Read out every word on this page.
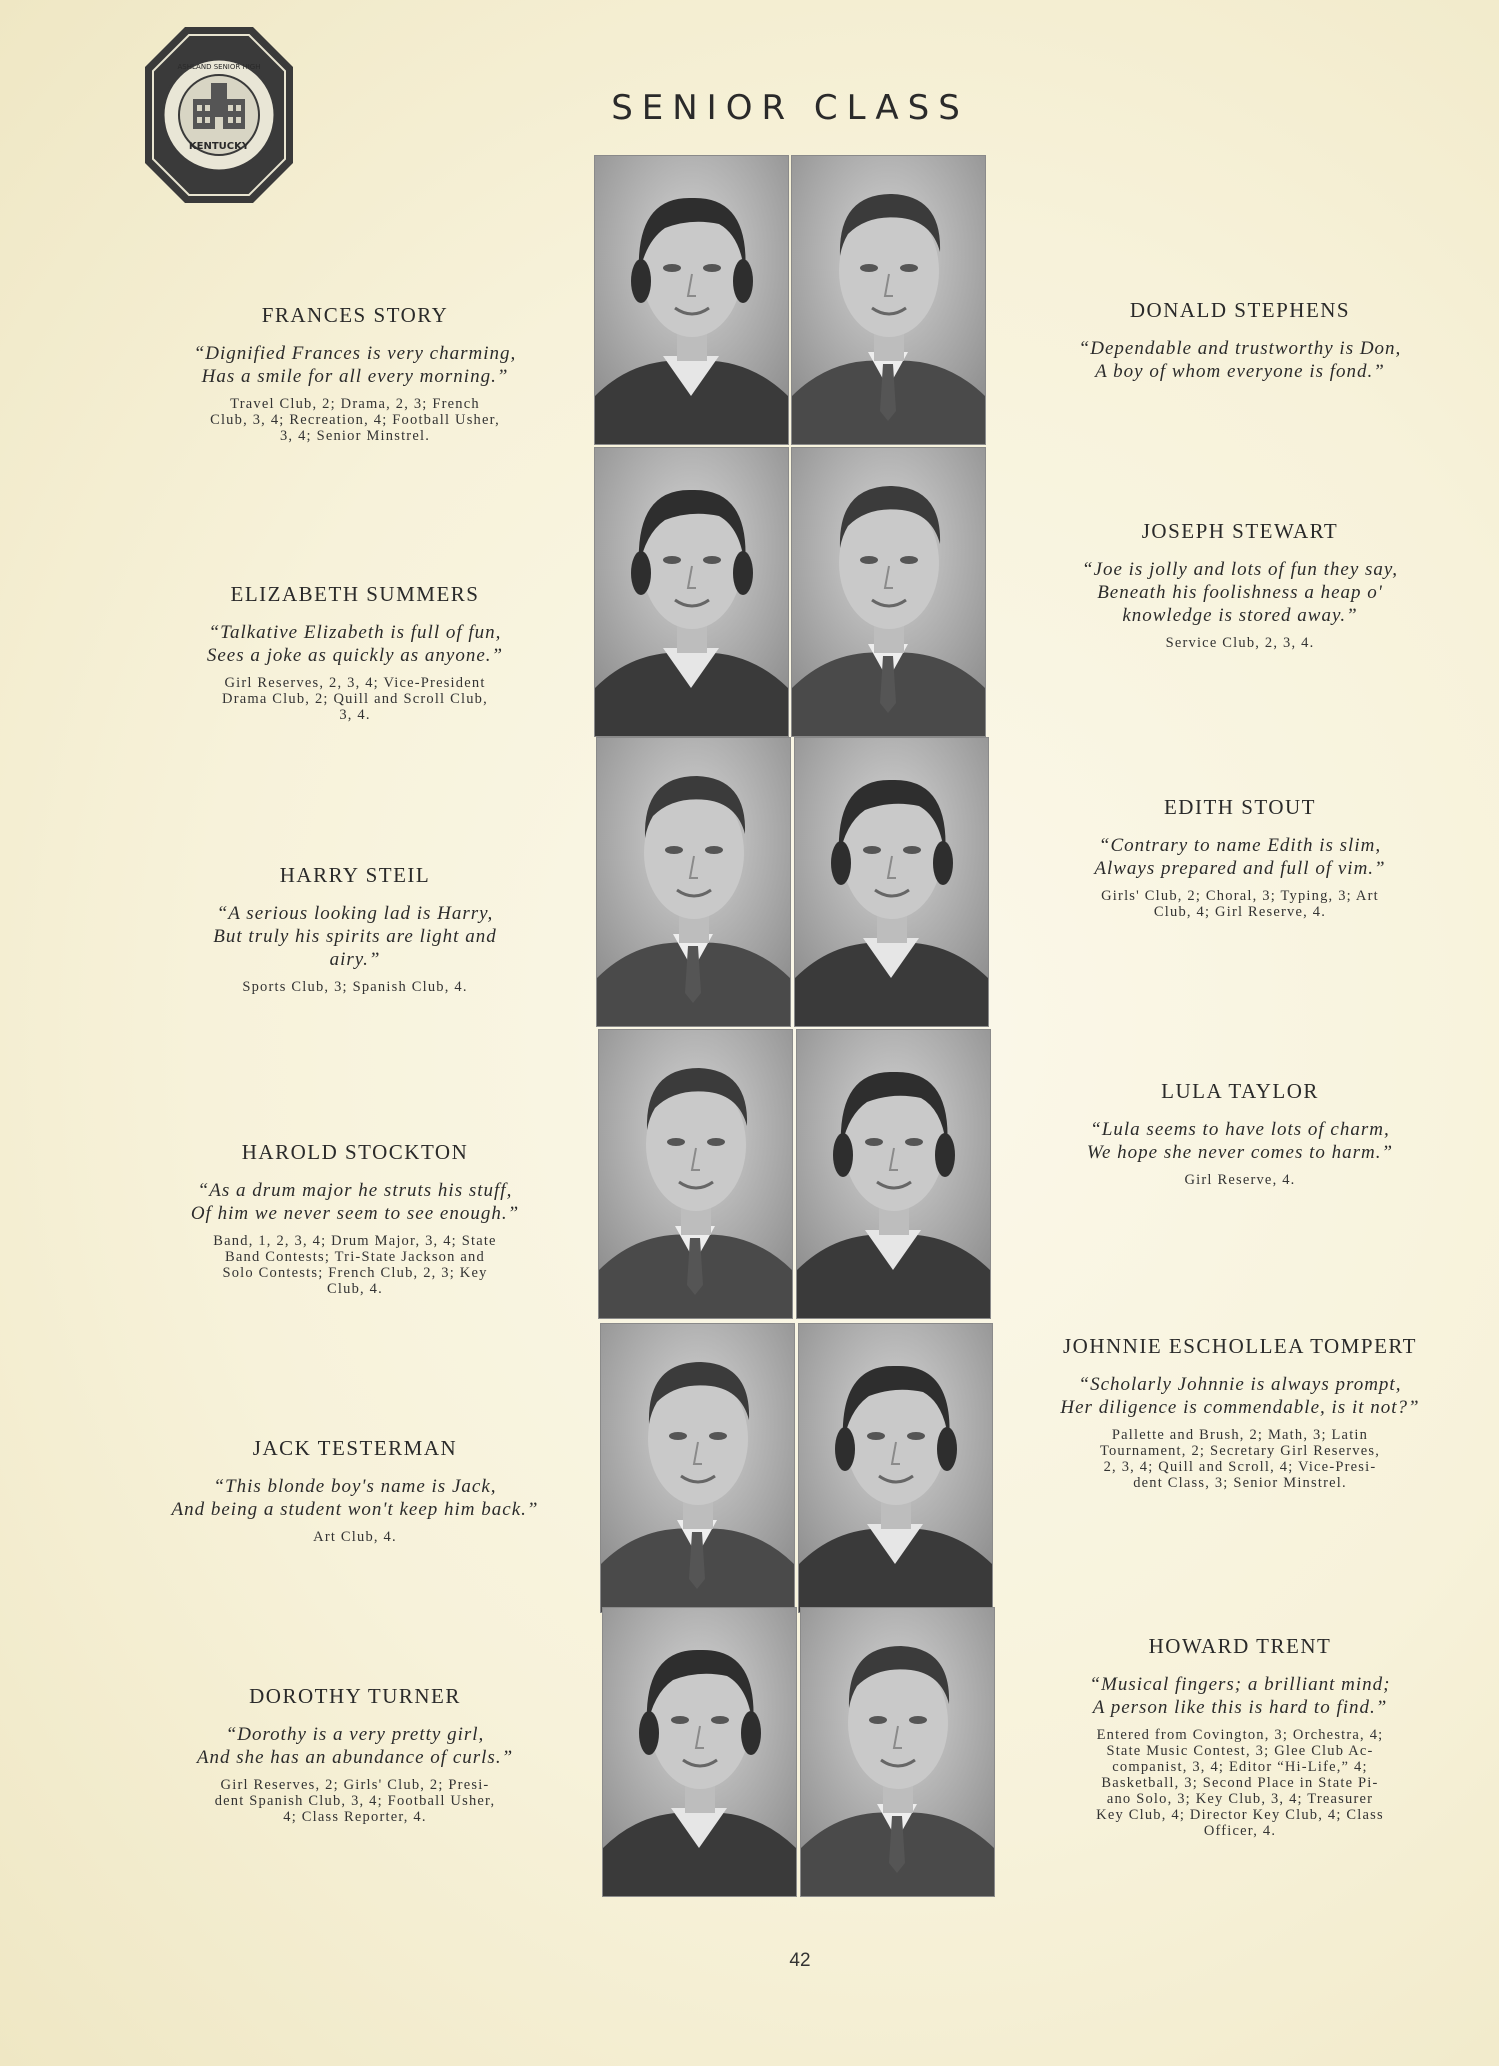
KENTUCKY
ASHLAND SENIOR HIGH
SENIOR CLASS
FRANCES STORY
“Dignified Frances is very charming,
Has a smile for all every morning.”
Travel Club, 2; Drama, 2, 3; French
Club, 3, 4; Recreation, 4; Football Usher,
3, 4; Senior Minstrel.
ELIZABETH SUMMERS
“Talkative Elizabeth is full of fun,
Sees a joke as quickly as anyone.”
Girl Reserves, 2, 3, 4; Vice-President
Drama Club, 2; Quill and Scroll Club,
3, 4.
HARRY STEIL
“A serious looking lad is Harry,
But truly his spirits are light and
airy.”
Sports Club, 3; Spanish Club, 4.
HAROLD STOCKTON
“As a drum major he struts his stuff,
Of him we never seem to see enough.”
Band, 1, 2, 3, 4; Drum Major, 3, 4; State
Band Contests; Tri-State Jackson and
Solo Contests; French Club, 2, 3; Key
Club, 4.
JACK TESTERMAN
“This blonde boy's name is Jack,
And being a student won't keep him back.”
Art Club, 4.
DOROTHY TURNER
“Dorothy is a very pretty girl,
And she has an abundance of curls.”
Girl Reserves, 2; Girls' Club, 2; Presi-
dent Spanish Club, 3, 4; Football Usher,
4; Class Reporter, 4.
DONALD STEPHENS
“Dependable and trustworthy is Don,
A boy of whom everyone is fond.”
JOSEPH STEWART
“Joe is jolly and lots of fun they say,
Beneath his foolishness a heap o'
knowledge is stored away.”
Service Club, 2, 3, 4.
EDITH STOUT
“Contrary to name Edith is slim,
Always prepared and full of vim.”
Girls' Club, 2; Choral, 3; Typing, 3; Art
Club, 4; Girl Reserve, 4.
LULA TAYLOR
“Lula seems to have lots of charm,
We hope she never comes to harm.”
Girl Reserve, 4.
JOHNNIE ESCHOLLEA TOMPERT
“Scholarly Johnnie is always prompt,
Her diligence is commendable, is it not?”
Pallette and Brush, 2; Math, 3; Latin
Tournament, 2; Secretary Girl Reserves,
2, 3, 4; Quill and Scroll, 4; Vice-Presi-
dent Class, 3; Senior Minstrel.
HOWARD TRENT
“Musical fingers; a brilliant mind;
A person like this is hard to find.”
Entered from Covington, 3; Orchestra, 4;
State Music Contest, 3; Glee Club Ac-
companist, 3, 4; Editor “Hi-Life,” 4;
Basketball, 3; Second Place in State Pi-
ano Solo, 3; Key Club, 3, 4; Treasurer
Key Club, 4; Director Key Club, 4; Class
Officer, 4.
42
